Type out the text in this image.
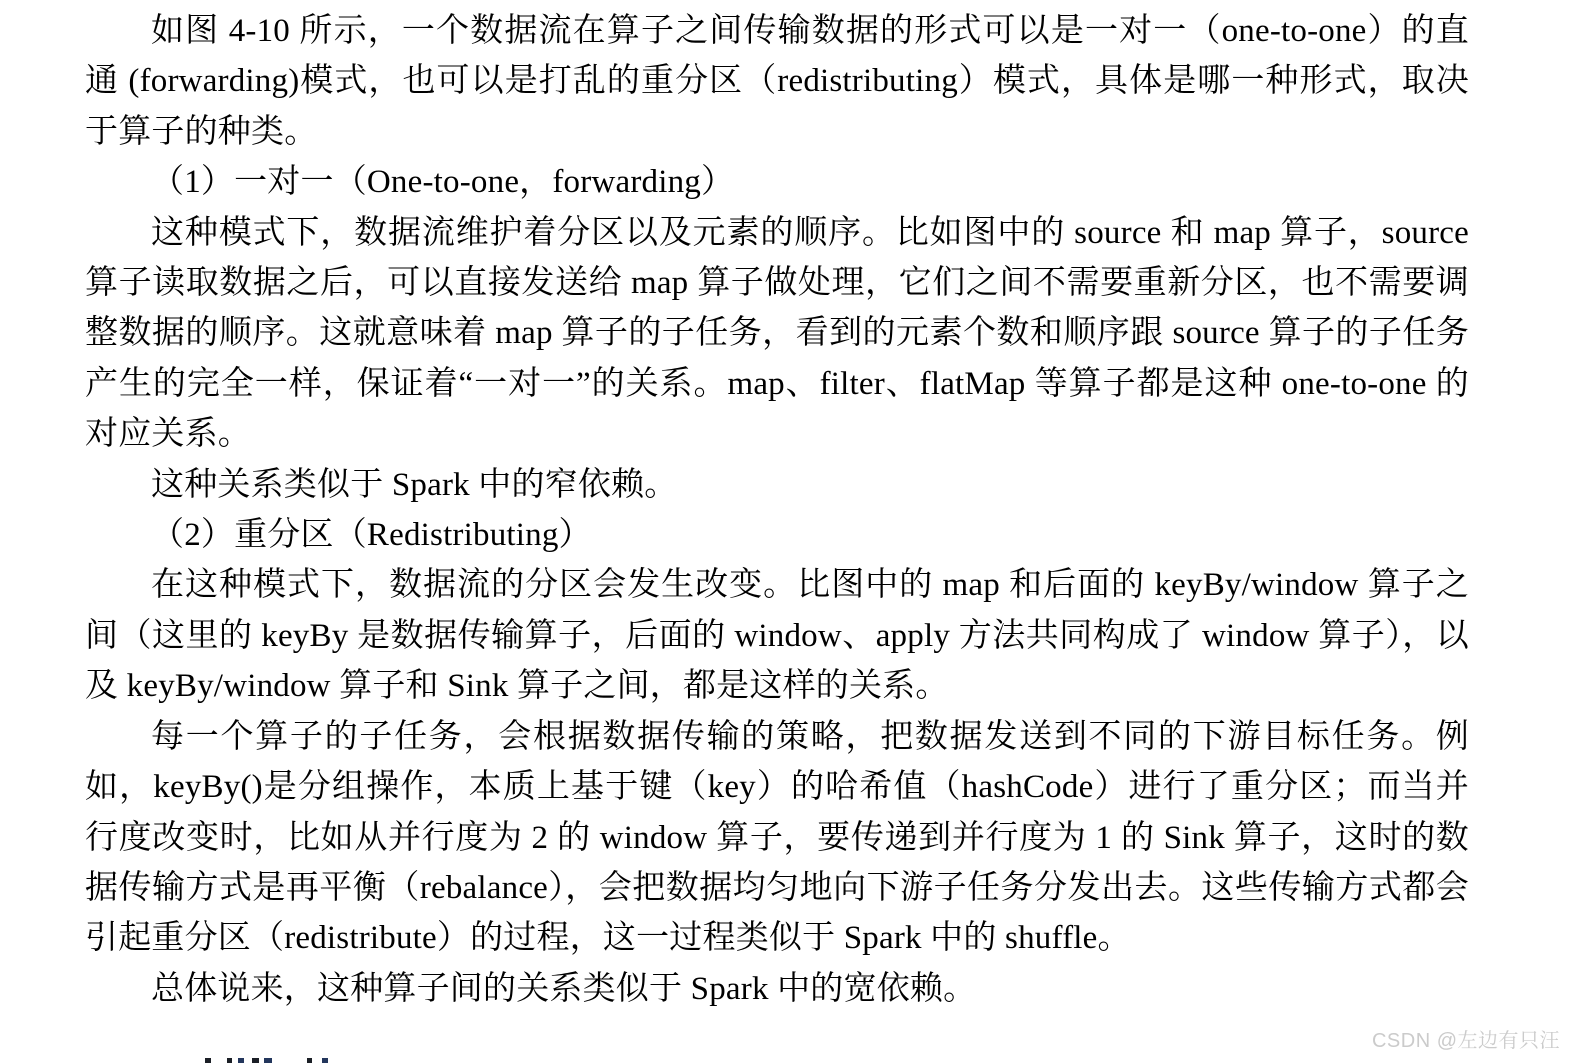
如图 4-10 所示，一个数据流在算子之间传输数据的形式可以是一对一（one-to-one）的直通 (forwarding)模式，也可以是打乱的重分区（redistributing）模式，具体是哪一种形式，取决于算子的种类。

（1）一对一（One-to-one，forwarding）

这种模式下，数据流维护着分区以及元素的顺序。比如图中的 source 和 map 算子，source 算子读取数据之后，可以直接发送给 map 算子做处理，它们之间不需要重新分区，也不需要调整数据的顺序。这就意味着 map 算子的子任务，看到的元素个数和顺序跟 source 算子的子任务产生的完全一样，保证着“一对一”的关系。map、filter、flatMap 等算子都是这种 one-to-one 的对应关系。

这种关系类似于 Spark 中的窄依赖。

（2）重分区（Redistributing）

在这种模式下，数据流的分区会发生改变。比图中的 map 和后面的 keyBy/window 算子之间（这里的 keyBy 是数据传输算子，后面的 window、apply 方法共同构成了 window 算子），以及 keyBy/window 算子和 Sink 算子之间，都是这样的关系。

每一个算子的子任务，会根据数据传输的策略，把数据发送到不同的下游目标任务。例如，keyBy()是分组操作，本质上基于键（key）的哈希值（hashCode）进行了重分区；而当并行度改变时，比如从并行度为 2 的 window 算子，要传递到并行度为 1 的 Sink 算子，这时的数据传输方式是再平衡（rebalance），会把数据均匀地向下游子任务分发出去。这些传输方式都会引起重分区（redistribute）的过程，这一过程类似于 Spark 中的 shuffle。

总体说来，这种算子间的关系类似于 Spark 中的宽依赖。

CSDN @左边有只汪
